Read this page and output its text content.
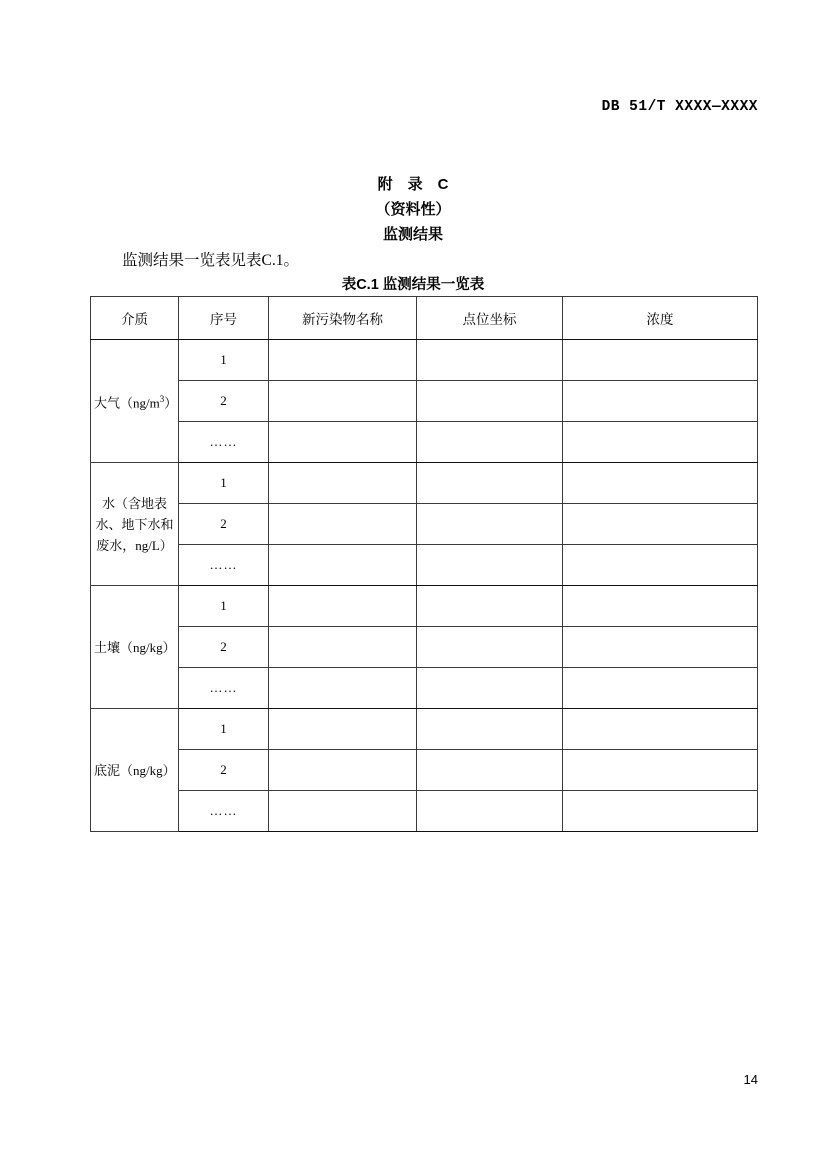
DB 51/T XXXX—XXXX
附　录　C
（资料性）
监测结果
监测结果一览表见表C.1。
表C.1 监测结果一览表
介质	序号	新污染物名称	点位坐标	浓度

大气$(ng/m^3)$	1			
	2			
	……			

水（含地表
水、地下水和
废水，ng/L）	1			
	2			
	……			

土壤（ng/kg）	1			
	2			
	……			

底泥（ng/kg）	1			
	2			
	……			
14
